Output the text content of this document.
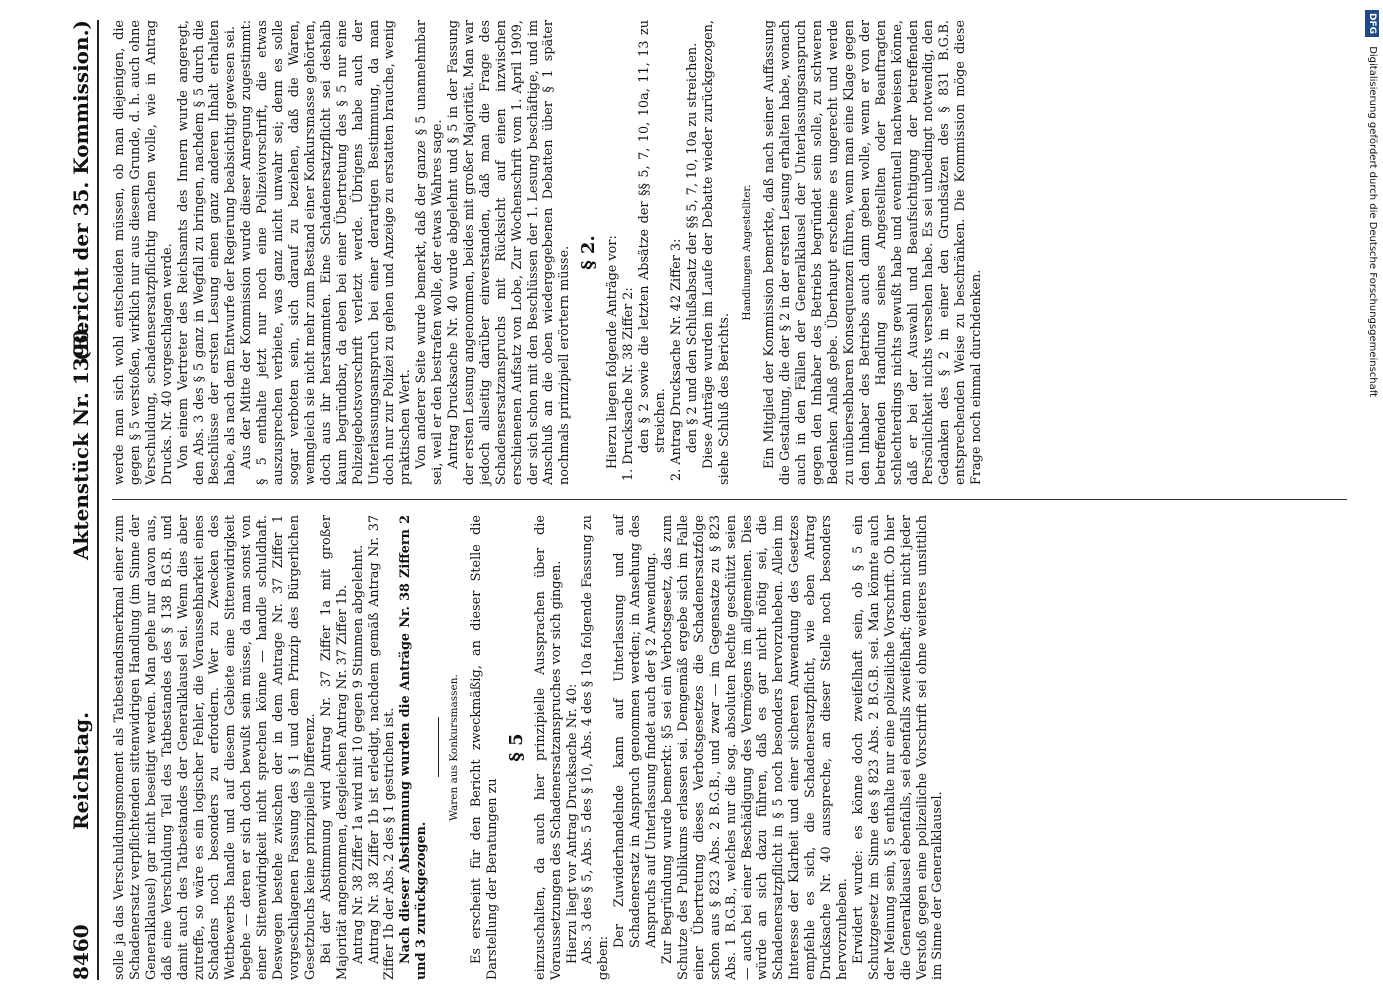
8460
Reichstag.
Aktenstück Nr. 1390.
(Bericht der 35. Kommission.)

solle ja das Verschuldungsmoment als Tatbestandsmerkmal einer zum Schadenersatz verpflichtenden sittenwidrigen Handlung (im Sinne der Generalklausel) gar nicht beseitigt werden. Man gehe nur davon aus, daß eine Verschuldung Teil des Tatbestandes des § 138 B.G.B. und damit auch des Tatbestandes der Generalklausel sei. Wenn dies aber zutreffe, so wäre es ein logischer Fehler, die Voraussehbarkeit eines Schadens noch besonders zu erfordern. Wer zu Zwecken des Wettbewerbs handle und auf diesem Gebiete eine Sittenwidrigkeit begehe — deren er sich doch bewußt sein müsse, da man sonst von einer Sittenwidrigkeit nicht sprechen könne — handle schuldhaft. Deswegen bestehe zwischen der in dem Antrage Nr. 37 Ziffer 1 vorgeschlagenen Fassung des § 1 und dem Prinzip des Bürgerlichen Gesetzbuchs keine prinzipielle Differenz. Bei der Abstimmung wird Antrag Nr. 37 Ziffer 1a mit großer Majorität angenommen, desgleichen Antrag Nr. 37 Ziffer 1b. Antrag Nr. 38 Ziffer 1a wird mit 10 gegen 9 Stimmen abgelehnt. Antrag Nr. 38 Ziffer 1b ist erledigt, nachdem gemäß Antrag Nr. 37 Ziffer 1b der Abs. 2 des § 1 gestrichen ist. Nach dieser Abstimmung wurden die Anträge Nr. 38 Ziffern 2 und 3 zurückgezogen.

Waren aus Konkursmassen. Es erscheint für den Bericht zweckmäßig, an dieser Stelle die Darstellung der Beratungen zu

§ 5 einzuschalten, da auch hier prinzipielle Aussprachen über die Voraussetzungen des Schadenersatzanspruches vor sich gingen. Hierzu liegt vor Antrag Drucksache Nr. 40: Abs. 3 des § 5, Abs. 5 des § 10, Abs. 4 des § 10a folgende Fassung zu geben:

Der Zuwiderhandelnde kann auf Unterlassung und auf Schadenersatz in Anspruch genommen werden; in Ansehung des Anspruchs auf Unterlassung findet auch der § 2 Anwendung. Zur Begründung wurde bemerkt: §5 sei ein Verbotsgesetz, das zum Schutze des Publikums erlassen sei. Demgemäß ergebe sich im Falle einer Übertretung dieses Verbotsgesetzes die Schadenersatzfolge schon aus § 823 Abs. 2 B.G.B., und zwar — im Gegensatze zu § 823 Abs. 1 B.G.B., welches nur die sog. absoluten Rechte geschützt seien — auch bei einer Beschädigung des Vermögens im allgemeinen. Dies würde an sich dazu führen, daß es gar nicht nötig sei, die Schadenersatzpflicht in § 5 noch besonders hervorzuheben. Allein im Interesse der Klarheit und einer sicheren Anwendung des Gesetzes empfehle es sich, die Schadenersatzpflicht, wie eben Antrag Drucksache Nr. 40 ausspreche, an dieser Stelle noch besonders hervorzuheben. Erwidert wurde: es könne doch zweifelhaft sein, ob § 5 ein Schutzgesetz im Sinne des § 823 Abs. 2 B.G.B. sei. Man könnte auch der Meinung sein, § 5 enthalte nur eine polizeiliche Vorschrift. Ob hier die Generalklausel ebenfalls, sei ebenfalls zweifelhaft; denn nicht jeder Verstoß gegen eine polizeiliche Vorschrift sei ohne weiteres unsittlich im Sinne der Generalklausel.

werde man sich wohl entscheiden müssen, ob man diejenigen, die gegen § 5 verstoßen, wirklich nur aus diesem Grunde, d. h. auch ohne Verschuldung, schadensersatzpflichtig machen wolle, wie in Antrag Drucks. Nr. 40 vorgeschlagen werde. Von einem Vertreter des Reichsamts des Innern wurde angeregt, den Abs. 3 des § 5 ganz in Wegfall zu bringen, nachdem § 5 durch die Beschlüsse der ersten Lesung einen ganz anderen Inhalt erhalten habe, als nach dem Entwurfe der Regierung beabsichtigt gewesen sei. Aus der Mitte der Kommission wurde dieser Anregung zugestimmt: § 5 enthalte jetzt nur noch eine Polizeivorschrift, die etwas auszusprechen verbiete, was ganz nicht unwahr sei; denn es solle sogar verboten sein, sich darauf zu beziehen, daß die Waren, wenngleich sie nicht mehr zum Bestand einer Konkursmasse gehörten, doch aus ihr herstammten. Eine Schadenersatzpflicht sei deshalb kaum begründbar, da eben bei einer Übertretung des § 5 nur eine Polizeigebotsvorschrift verletzt werde. Übrigens habe auch der Unterlassungsanspruch bei einer derartigen Bestimmung, da man doch nur zur Polizei zu gehen und Anzeige zu erstatten brauche, wenig praktischen Wert. Von anderer Seite wurde bemerkt, daß der ganze § 5 unannehmbar sei, weil er den bestrafen wolle, der etwas Wahres sage. Antrag Drucksache Nr. 40 wurde abgelehnt und § 5 in der Fassung der ersten Lesung angenommen, beides mit großer Majorität. Man war jedoch allseitig darüber einverstanden, daß man die Frage des Schadensersatzanspruchs mit Rücksicht auf einen inzwischen erschienenen Aufsatz von Lobe, Zur Wochenschrift vom 1. April 1909, der sich schon mit den Beschlüssen der 1. Lesung beschäftige, und im Anschluß an die oben wiedergegebenen Debatten über § 1 später nochmals prinzipiell erörtern müsse. § 2. Hierzu liegen folgende Anträge vor: 1. Drucksache Nr. 38 Ziffer 2: den § 2 sowie die letzten Absätze der §§ 5, 7, 10, 10a, 11, 13 zu streichen. 2. Antrag Drucksache Nr. 42 Ziffer 3: den § 2 und den Schlußabsatz der §§ 5, 7, 10, 10a zu streichen. Diese Anträge wurden im Laufe der Debatte wieder zurückgezogen, siehe Schluß des Berichts.

Handlungen Angestellter. Ein Mitglied der Kommission bemerkte, daß nach seiner Auffassung die Gestaltung, die der § 2 in der ersten Lesung erhalten habe, wonach auch in den Fällen der Generalklausel der Unterlassungsanspruch gegen den Inhaber des Betriebs begründet sein solle, zu schweren Bedenken Anlaß gebe. Überhaupt erscheine es ungerecht und werde zu unübersehbaren Konsequenzen führen, wenn man eine Klage gegen den Inhaber des Betriebs auch dann geben wolle, wenn er von der betreffenden Handlung seines Angestellten oder Beauftragten schlechterdings nichts gewußt habe und eventuell nachweisen könne, daß er bei der Auswahl und Beaufsichtigung der betreffenden Persönlichkeit nichts versehen habe. Es sei unbedingt notwendig, den Gedanken des § 2 in einer den Grundsätzen des § 831 B.G.B. entsprechenden Weise zu beschränken. Die Kommission möge diese Frage noch einmal durchdenken.

DFG Digitalisierung gefördert durch die Deutsche Forschungsgemeinschaft
